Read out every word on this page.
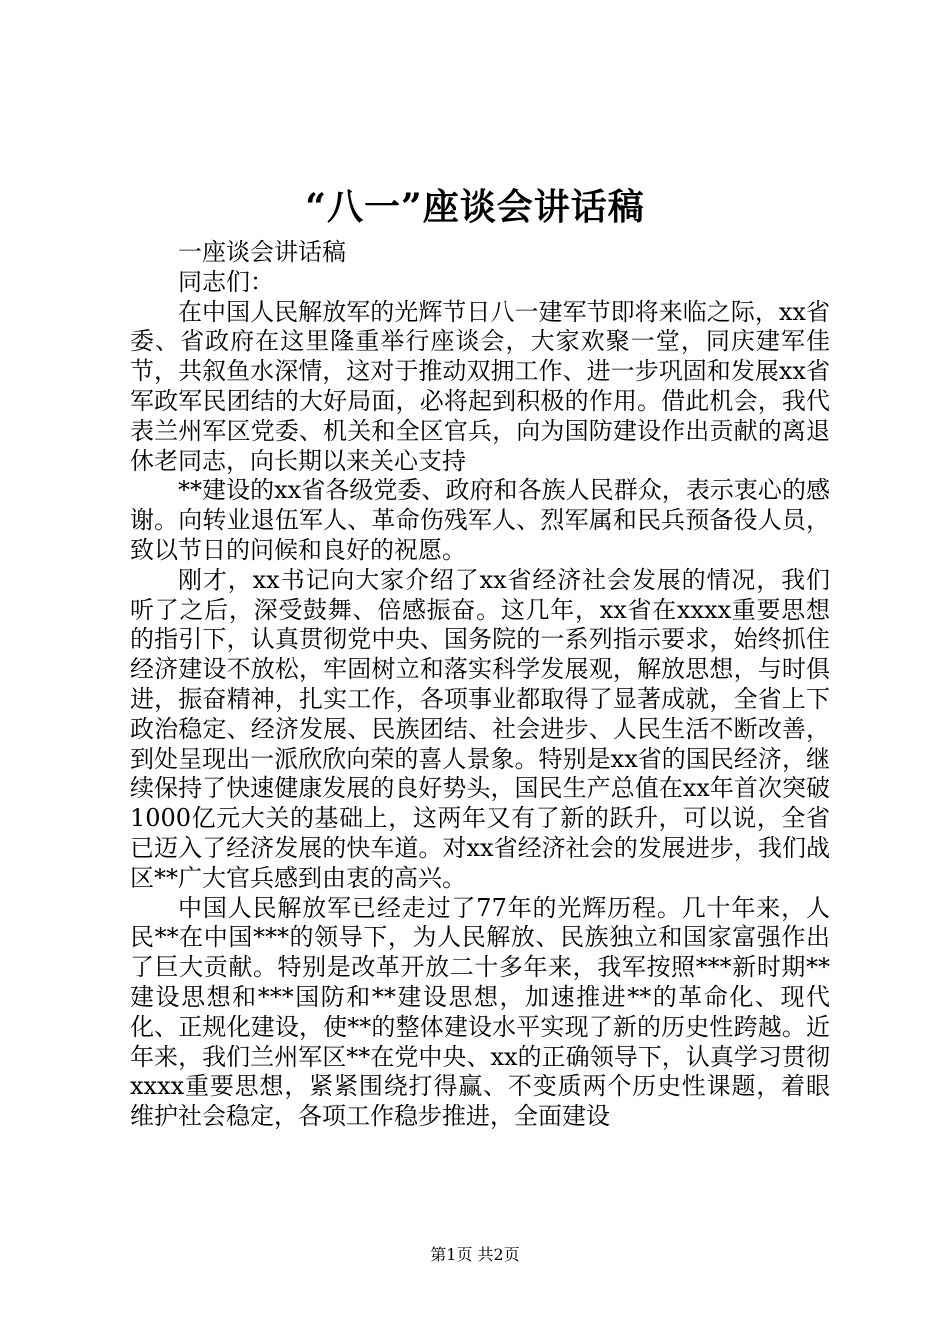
“八一”座谈会讲话稿

一座谈会讲话稿

同志们：

在中国人民解放军的光辉节日八一建军节即将来临之际，xx省委、省政府在这里隆重举行座谈会，大家欢聚一堂，同庆建军佳节，共叙鱼水深情，这对于推动双拥工作、进一步巩固和发展xx省军政军民团结的大好局面，必将起到积极的作用。借此机会，我代表兰州军区党委、机关和全区官兵，向为国防建设作出贡献的离退休老同志，向长期以来关心支持

**建设的xx省各级党委、政府和各族人民群众，表示衷心的感谢。向转业退伍军人、革命伤残军人、烈军属和民兵预备役人员，致以节日的问候和良好的祝愿。

刚才，xx书记向大家介绍了xx省经济社会发展的情况，我们听了之后，深受鼓舞、倍感振奋。这几年，xx省在xxxx重要思想的指引下，认真贯彻党中央、国务院的一系列指示要求，始终抓住经济建设不放松，牢固树立和落实科学发展观，解放思想，与时俱进，振奋精神，扎实工作，各项事业都取得了显著成就，全省上下政治稳定、经济发展、民族团结、社会进步、人民生活不断改善，到处呈现出一派欣欣向荣的喜人景象。特别是xx省的国民经济，继续保持了快速健康发展的良好势头，国民生产总值在xx年首次突破1000亿元大关的基础上，这两年又有了新的跃升，可以说，全省已迈入了经济发展的快车道。对xx省经济社会的发展进步，我们战区**广大官兵感到由衷的高兴。

中国人民解放军已经走过了77年的光辉历程。几十年来，人民**在中国***的领导下，为人民解放、民族独立和国家富强作出了巨大贡献。特别是改革开放二十多年来，我军按照***新时期**建设思想和***国防和**建设思想，加速推进**的革命化、现代化、正规化建设，使**的整体建设水平实现了新的历史性跨越。近年来，我们兰州军区**在党中央、xx的正确领导下，认真学习贯彻xxxx重要思想，紧紧围绕打得赢、不变质两个历史性课题，着眼维护社会稳定，各项工作稳步推进，全面建设

第1页 共2页
